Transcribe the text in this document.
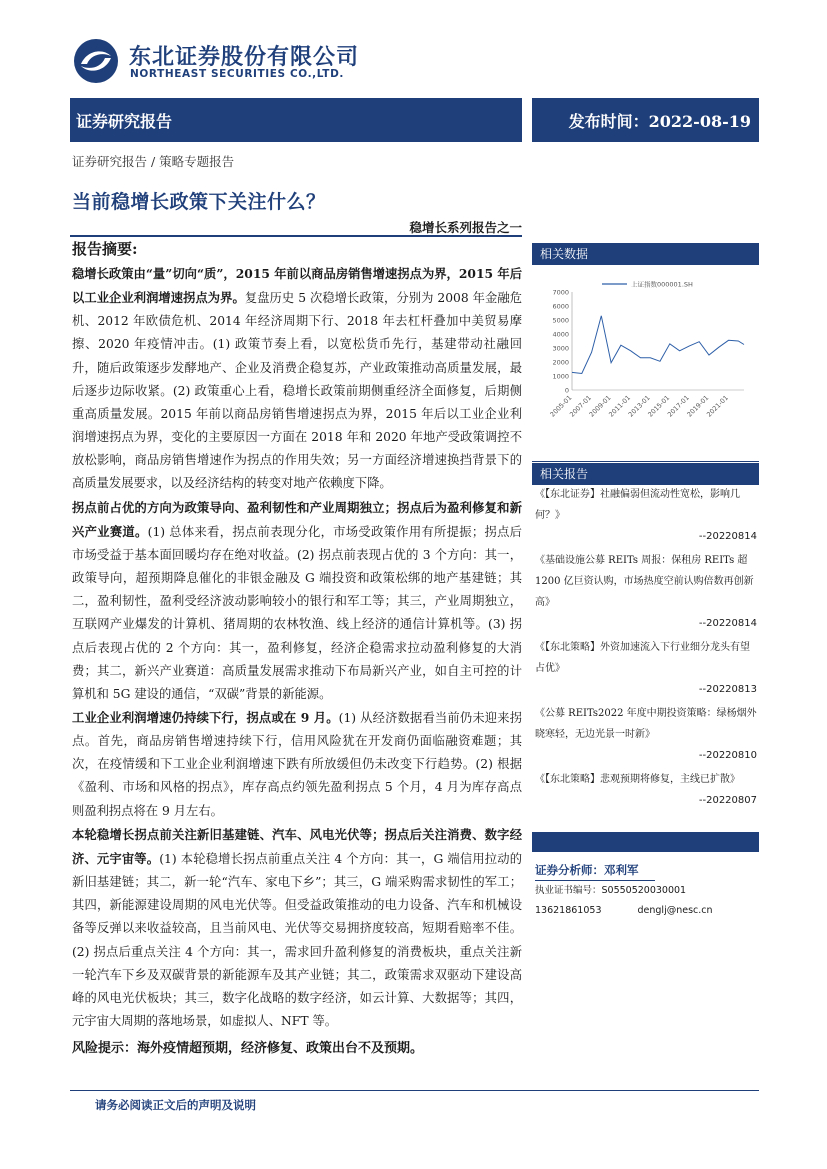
东北证券股份有限公司
NORTHEAST SECURITIES CO.,LTD.
证券研究报告	发布时间：2022-08-19
证券研究报告 / 策略专题报告
当前稳增长政策下关注什么？
稳增长系列报告之一
报告摘要:

稳增长政策由“量”切向“质”，2015 年前以商品房销售增速拐点为界，2015 年后以工业企业利润增速拐点为界。复盘历史 5 次稳增长政策，分别为 2008 年金融危机、2012 年欧债危机、2014 年经济周期下行、2018 年去杠杆叠加中美贸易摩擦、2020 年疫情冲击。(1) 政策节奏上看，以宽松货币先行，基建带动社融回升，随后政策逐步发酵地产、企业及消费企稳复苏，产业政策推动高质量发展，最后逐步边际收紧。(2) 政策重心上看，稳增长政策前期侧重经济全面修复，后期侧重高质量发展。2015 年前以商品房销售增速拐点为界，2015 年后以工业企业利润增速拐点为界，变化的主要原因一方面在 2018 年和 2020 年地产受政策调控不放松影响，商品房销售增速作为拐点的作用失效；另一方面经济增速换挡背景下的高质量发展要求，以及经济结构的转变对地产依赖度下降。

拐点前占优的方向为政策导向、盈利韧性和产业周期独立；拐点后为盈利修复和新兴产业赛道。(1) 总体来看，拐点前表现分化，市场受政策作用有所提振；拐点后市场受益于基本面回暖均存在绝对收益。(2) 拐点前表现占优的 3 个方向：其一，政策导向，超预期降息催化的非银金融及 G 端投资和政策松绑的地产基建链；其二，盈利韧性，盈利受经济波动影响较小的银行和军工等；其三，产业周期独立，互联网产业爆发的计算机、猪周期的农林牧渔、线上经济的通信计算机等。(3) 拐点后表现占优的 2 个方向：其一，盈利修复，经济企稳需求拉动盈利修复的大消费；其二，新兴产业赛道：高质量发展需求推动下布局新兴产业，如自主可控的计算机和 5G 建设的通信，“双碳”背景的新能源。

工业企业利润增速仍持续下行，拐点或在 9 月。(1) 从经济数据看当前仍未迎来拐点。首先，商品房销售增速持续下行，信用风险犹在开发商仍面临融资难题；其次，在疫情缓和下工业企业利润增速下跌有所放缓但仍未改变下行趋势。(2) 根据《盈利、市场和风格的拐点》，库存高点约领先盈利拐点 5 个月，4 月为库存高点则盈利拐点将在 9 月左右。

本轮稳增长拐点前关注新旧基建链、汽车、风电光伏等；拐点后关注消费、数字经济、元宇宙等。(1) 本轮稳增长拐点前重点关注 4 个方向：其一，G 端信用拉动的新旧基建链；其二，新一轮“汽车、家电下乡”；其三，G 端采购需求韧性的军工；其四，新能源建设周期的风电光伏等。但受益政策推动的电力设备、汽车和机械设备等反弹以来收益较高，且当前风电、光伏等交易拥挤度较高，短期看赔率不佳。(2) 拐点后重点关注 4 个方向：其一，需求回升盈利修复的消费板块，重点关注新一轮汽车下乡及双碳背景的新能源车及其产业链；其二，政策需求双驱动下建设高峰的风电光伏板块；其三，数字化战略的数字经济，如云计算、大数据等；其四，元宇宙大周期的落地场景，如虚拟人、NFT 等。

风险提示：海外疫情超预期，经济修复、政策出台不及预期。
相关数据
0
1000
2000
3000
4000
5000
6000
7000
2005-01
2007-01
2009-01
2011-01
2013-01
2015-01
2017-01
2019-01
2021-01
上证指数000001.SH
相关报告
《【东北证券】社融偏弱但流动性宽松，影响几何？》
--20220814
《基础设施公募 REITs 周报：保租房 REITs 超 1200 亿巨资认购，市场热度空前认购倍数再创新高》
--20220814
《【东北策略】外资加速流入下行业细分龙头有望占优》
--20220813
《公募 REITs2022 年度中期投资策略：绿杨烟外晓寒轻，无边光景一时新》
--20220810
《【东北策略】悲观预期将修复，主线已扩散》
--20220807
证券分析师：邓利军
执业证书编号：S0550520030001
13621861053	denglj@nesc.cn
请务必阅读正文后的声明及说明
